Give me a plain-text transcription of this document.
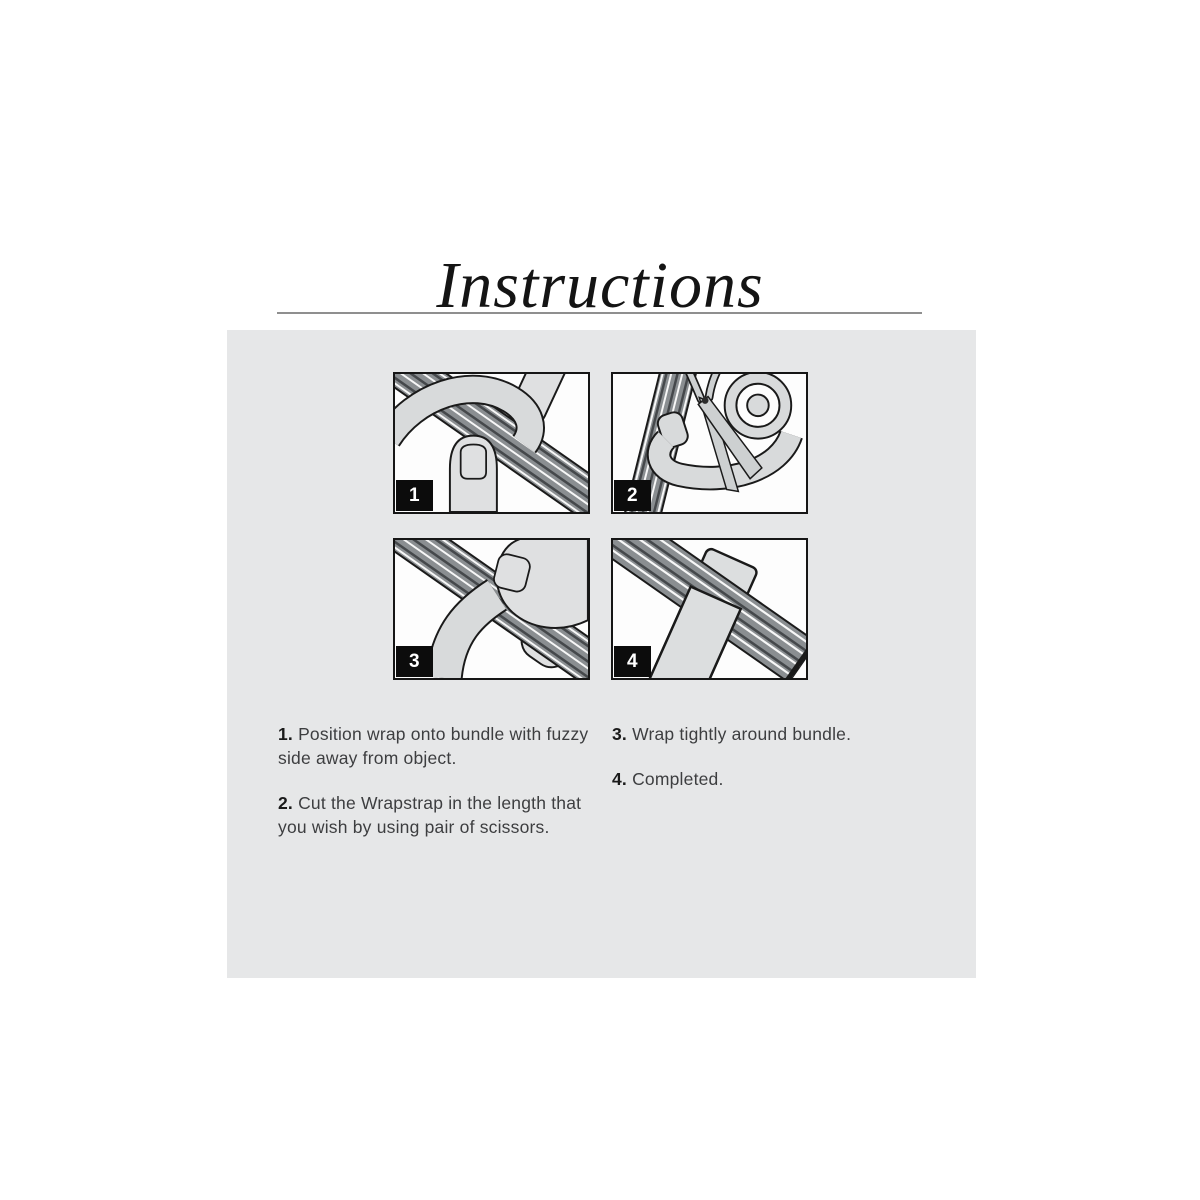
Instructions
1	2
3	4

1. Position wrap onto bundle with fuzzy side away from object.

2. Cut the Wrapstrap in the length that you wish by using pair of scissors.

3. Wrap tightly around bundle.

4. Completed.
